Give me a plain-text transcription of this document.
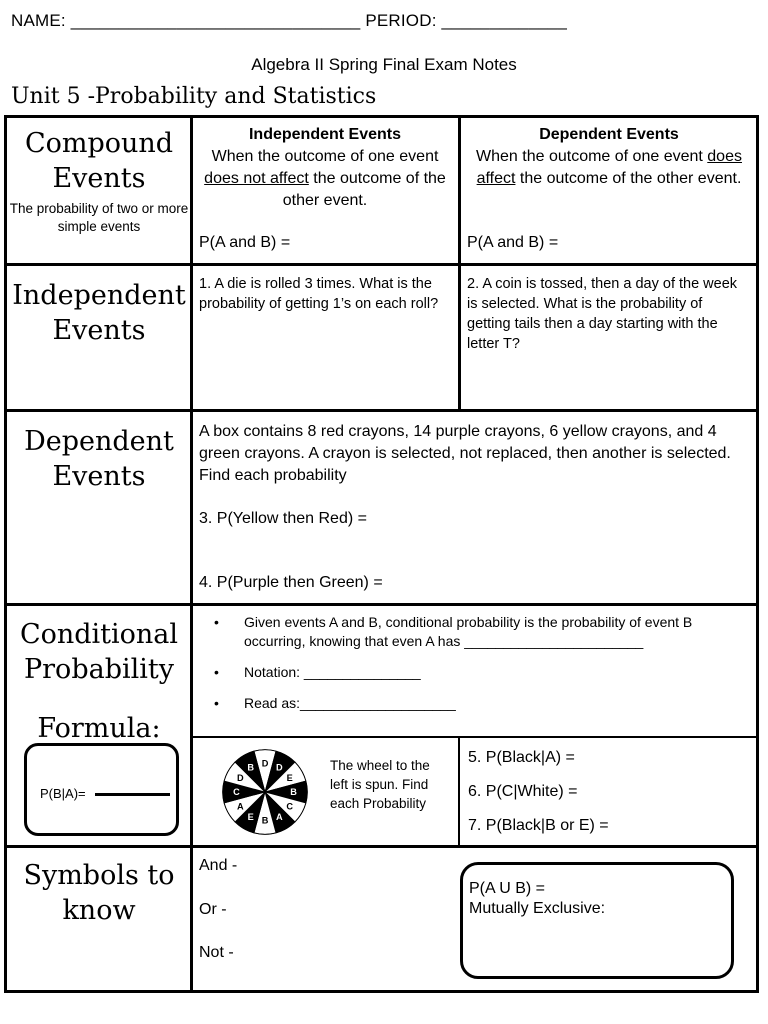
NAME: ______________________________ PERIOD: _____________
Algebra II Spring Final Exam Notes
Unit 5 -Probability and Statistics
Compound Events
The probability of two or more simple events
Independent Events
When the outcome of one event does not affect the outcome of the other event.
P(A and B) =
Dependent Events
When the outcome of one event does affect the outcome of the other event.
P(A and B) =
Independent Events
1. A die is rolled 3 times. What is the probability of getting 1’s on each roll?
2. A coin is tossed, then a day of the week is selected. What is the probability of getting tails then a day starting with the letter T?
Dependent Events
A box contains 8 red crayons, 14 purple crayons, 6 yellow crayons, and 4 green crayons. A crayon is selected, not replaced, then another is selected. Find each probability
3. P(Yellow then Red) =
4. P(Purple then Green) =
Conditional Probability
Formula:
P(B|A)=
• Given events A and B, conditional probability is the probability of event B occurring, knowing that even A has _______________________
• Notation: _______________
• Read as:____________________
D D
E
B
C
A
B
E
A
C
D
B	The wheel to the left is spun. Find each Probability
5. P(Black|A) =
6. P(C|White) =
7. P(Black|B or E) =
Symbols to know
And -
Or -
Not -
P(A U B) =
Mutually Exclusive:
